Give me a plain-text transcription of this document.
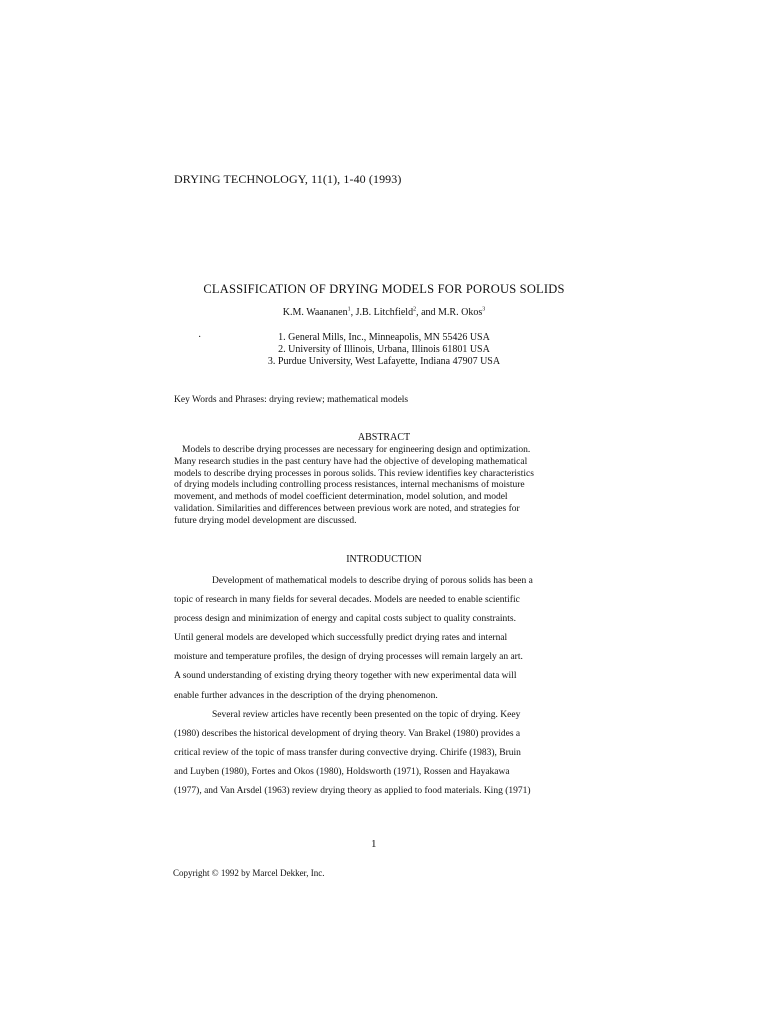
DRYING TECHNOLOGY, 11(1), 1-40 (1993)
CLASSIFICATION OF DRYING MODELS FOR POROUS SOLIDS
K.M. Waananen$^1$, J.B. Litchfield$^2$, and M.R. Okos$^3$
·	1. General Mills, Inc., Minneapolis, MN 55426 USA
2. University of Illinois, Urbana, Illinois 61801 USA
3. Purdue University, West Lafayette, Indiana 47907 USA
Key Words and Phrases: drying review; mathematical models
ABSTRACT
Models to describe drying processes are necessary for engineering design and optimization.
Many research studies in the past century have had the objective of developing mathematical
models to describe drying processes in porous solids. This review identifies key characteristics
of drying models including controlling process resistances, internal mechanisms of moisture
movement, and methods of model coefficient determination, model solution, and model
validation. Similarities and differences between previous work are noted, and strategies for
future drying model development are discussed.
INTRODUCTION

Development of mathematical models to describe drying of porous solids has been a

topic of research in many fields for several decades. Models are needed to enable scientific

process design and minimization of energy and capital costs subject to quality constraints.

Until general models are developed which successfully predict drying rates and internal

moisture and temperature profiles, the design of drying processes will remain largely an art.

A sound understanding of existing drying theory together with new experimental data will

enable further advances in the description of the drying phenomenon.

Several review articles have recently been presented on the topic of drying. Keey

(1980) describes the historical development of drying theory. Van Brakel (1980) provides a

critical review of the topic of mass transfer during convective drying. Chirife (1983), Bruin

and Luyben (1980), Fortes and Okos (1980), Holdsworth (1971), Rossen and Hayakawa

(1977), and Van Arsdel (1963) review drying theory as applied to food materials. King (1971)

1
Copyright © 1992 by Marcel Dekker, Inc.
